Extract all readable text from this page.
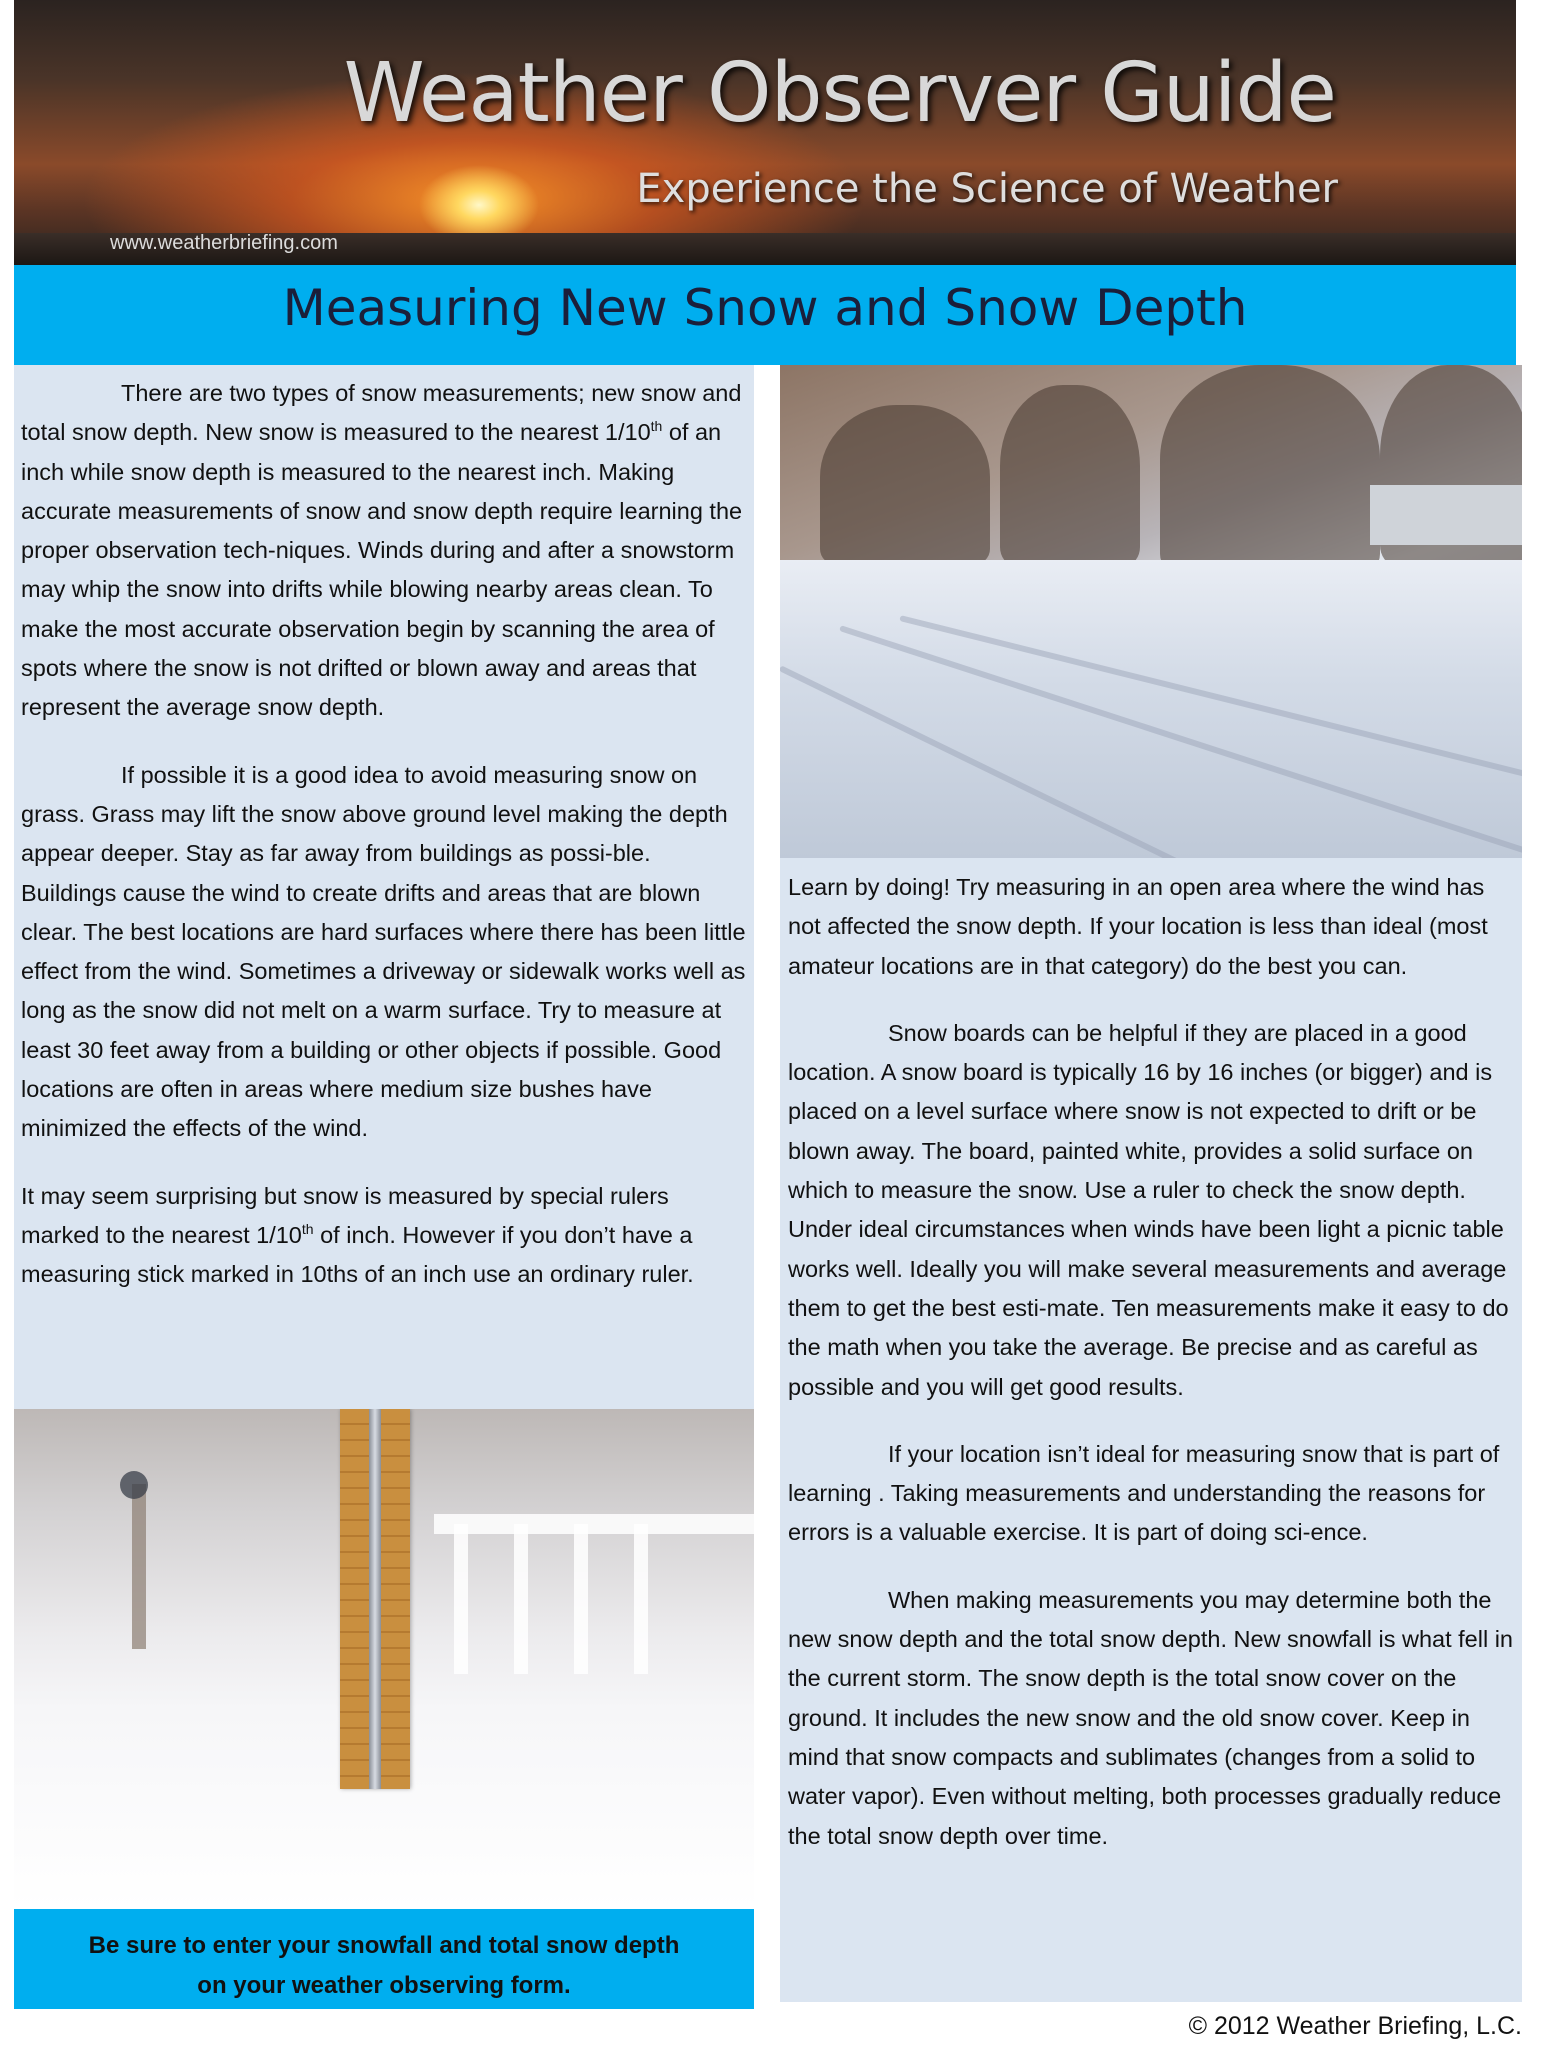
Weather Observer Guide
Experience the Science of Weather
www.weatherbriefing.com
Measuring New Snow and Snow Depth

There are two types of snow measurements; new snow and total snow depth. New snow is measured to the nearest 1/10th of an inch while snow depth is measured to the nearest inch. Making accurate measurements of snow and snow depth require learning the proper observation tech-niques. Winds during and after a snowstorm may whip the snow into drifts while blowing nearby areas clean. To make the most accurate observation begin by scanning the area of spots where the snow is not drifted or blown away and areas that represent the average snow depth.

If possible it is a good idea to avoid measuring snow on grass. Grass may lift the snow above ground level making the depth appear deeper. Stay as far away from buildings as possi-ble. Buildings cause the wind to create drifts and areas that are blown clear. The best locations are hard surfaces where there has been little effect from the wind. Sometimes a driveway or sidewalk works well as long as the snow did not melt on a warm surface. Try to measure at least 30 feet away from a building or other objects if possible. Good locations are often in areas where medium size bushes have minimized the effects of the wind.

It may seem surprising but snow is measured by special rulers marked to the nearest 1/10th of inch. However if you don’t have a measuring stick marked in 10ths of an inch use an ordinary ruler.

Learn by doing! Try measuring in an open area where the wind has not affected the snow depth. If your location is less than ideal (most amateur locations are in that category) do the best you can.

Snow boards can be helpful if they are placed in a good location. A snow board is typically 16 by 16 inches (or bigger) and is placed on a level surface where snow is not expected to drift or be blown away. The board, painted white, provides a solid surface on which to measure the snow. Use a ruler to check the snow depth. Under ideal circumstances when winds have been light a picnic table works well. Ideally you will make several measurements and average them to get the best esti-mate. Ten measurements make it easy to do the math when you take the average. Be precise and as careful as possible and you will get good results.

If your location isn’t ideal for measuring snow that is part of learning . Taking measurements and understanding the reasons for errors is a valuable exercise. It is part of doing sci-ence.

When making measurements you may determine both the new snow depth and the total snow depth. New snowfall is what fell in the current storm. The snow depth is the total snow cover on the ground. It includes the new snow and the old snow cover. Keep in mind that snow compacts and sublimates (changes from a solid to water vapor). Even without melting, both processes gradually reduce the total snow depth over time.

Be sure to enter your snowfall and total snow depth
on your weather observing form.
© 2012 Weather Briefing, L.C.
